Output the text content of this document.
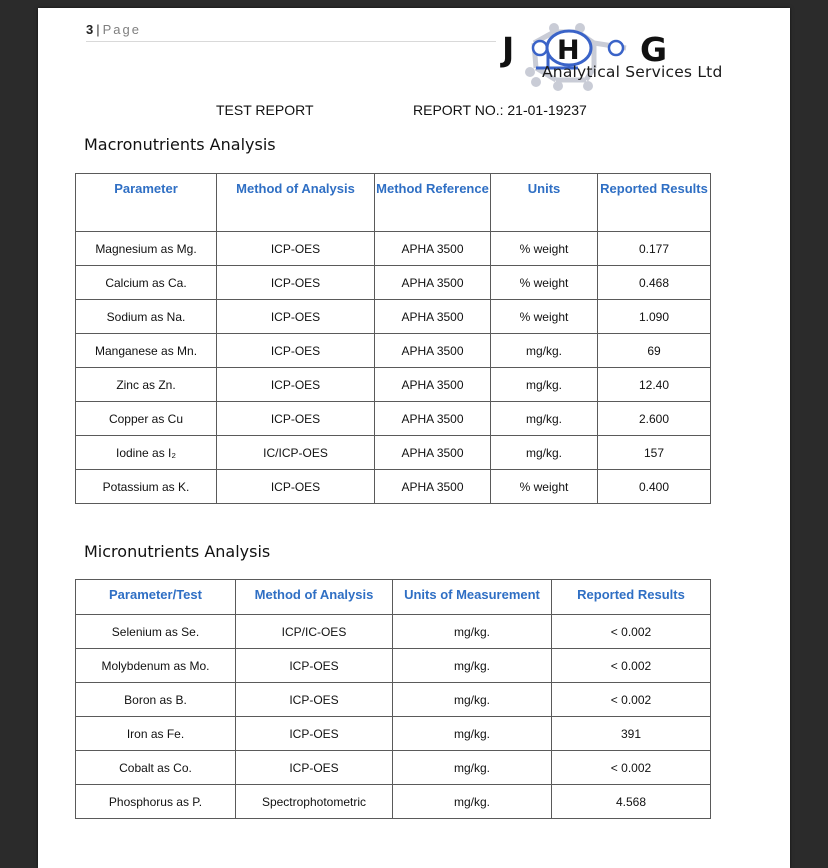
3 | Page
J H G
Analytical Services Ltd
TEST REPORT	REPORT NO.: 21-01-19237
Macronutrients Analysis
Parameter	Method of Analysis	Method Reference	Units	Reported Results
Magnesium as Mg.	ICP-OES	APHA 3500	% weight	0.177
Calcium as Ca.	ICP-OES	APHA 3500	% weight	0.468
Sodium as Na.	ICP-OES	APHA 3500	% weight	1.090
Manganese as Mn.	ICP-OES	APHA 3500	mg/kg.	69
Zinc as Zn.	ICP-OES	APHA 3500	mg/kg.	12.40
Copper as Cu	ICP-OES	APHA 3500	mg/kg.	2.600
Iodine as I₂	IC/ICP-OES	APHA 3500	mg/kg.	157
Potassium as K.	ICP-OES	APHA 3500	% weight	0.400
Micronutrients Analysis
Parameter/Test	Method of Analysis	Units of Measurement	Reported Results
Selenium as Se.	ICP/IC-OES	mg/kg.	< 0.002
Molybdenum as Mo.	ICP-OES	mg/kg.	< 0.002
Boron as B.	ICP-OES	mg/kg.	< 0.002
Iron as Fe.	ICP-OES	mg/kg.	391
Cobalt as Co.	ICP-OES	mg/kg.	< 0.002
Phosphorus as P.	Spectrophotometric	mg/kg.	4.568
